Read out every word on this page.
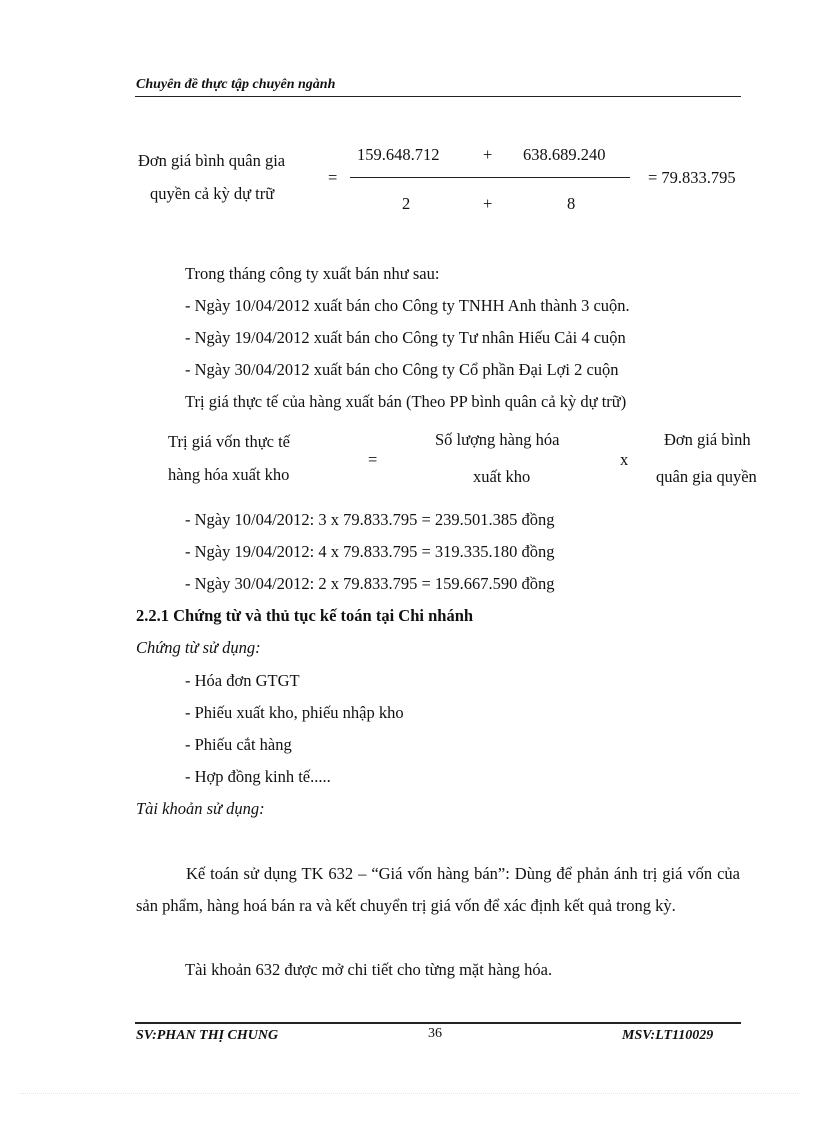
Chuyên đề thực tập chuyên ngành
Đơn giá bình quân gia
quyền cả kỳ dự trữ
=
159.648.712	+ 638.689.240
2	+	8
= 79.833.795
Trong tháng công ty xuất bán như sau:
- Ngày 10/04/2012 xuất bán cho Công ty TNHH Anh thành 3 cuộn.
- Ngày 19/04/2012 xuất bán cho Công ty Tư nhân Hiếu Cải 4 cuộn
- Ngày 30/04/2012 xuất bán cho Công ty Cổ phần Đại Lợi 2 cuộn
Trị giá thực tế của hàng xuất bán (Theo PP bình quân cả kỳ dự trữ)
Trị giá vốn thực tế
hàng hóa xuất kho
=
Số lượng hàng hóa
xuất kho
x
Đơn giá bình
quân gia quyền
- Ngày 10/04/2012: 3 x 79.833.795 = 239.501.385 đồng
- Ngày 19/04/2012: 4 x 79.833.795 = 319.335.180 đồng
- Ngày 30/04/2012: 2 x 79.833.795 = 159.667.590 đồng
2.2.1 Chứng từ và thủ tục kế toán tại Chi nhánh
Chứng từ sử dụng:
- Hóa đơn GTGT
- Phiếu xuất kho, phiếu nhập kho
- Phiếu cắt hàng
- Hợp đồng kinh tế.....
Tài khoản sử dụng:
Kế toán sử dụng TK 632 – “Giá vốn hàng bán”: Dùng để phản ánh trị giá vốn của sản phẩm, hàng hoá bán ra và kết chuyển trị giá vốn để xác định kết quả trong kỳ.
Tài khoản 632 được mở chi tiết cho từng mặt hàng hóa.
SV:PHAN THỊ CHUNG	36	MSV:LT110029
